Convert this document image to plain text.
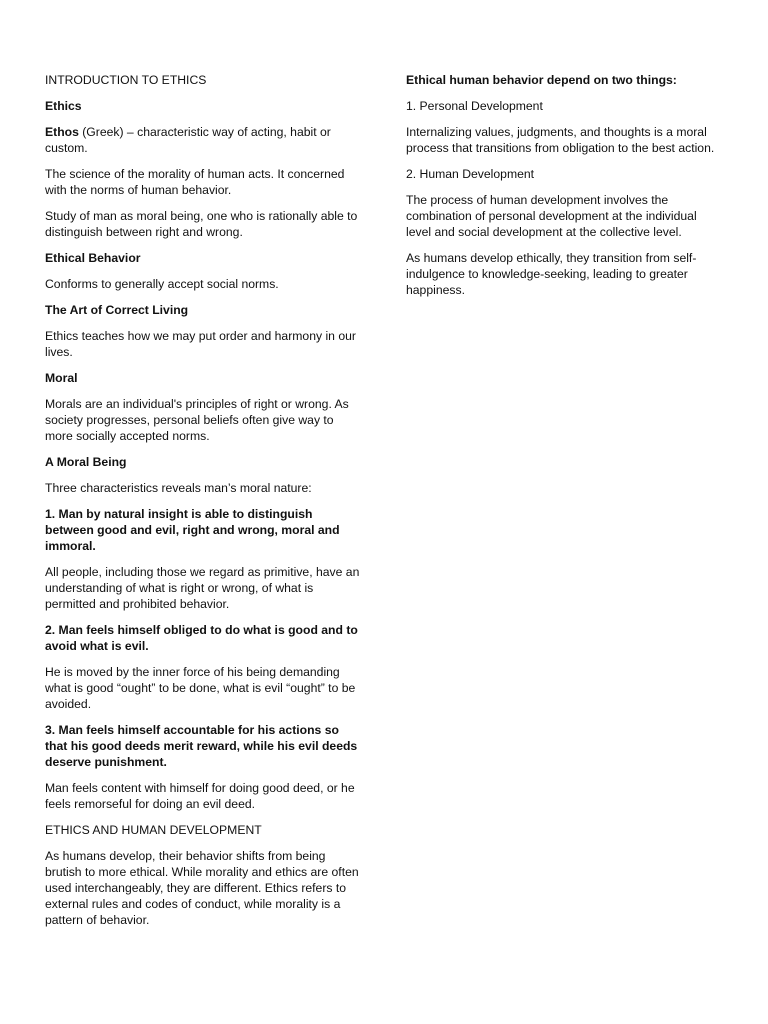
INTRODUCTION TO ETHICS

Ethics

Ethos (Greek) – characteristic way of acting, habit or custom.

The science of the morality of human acts. It concerned with the norms of human behavior.

Study of man as moral being, one who is rationally able to distinguish between right and wrong.

Ethical Behavior

Conforms to generally accept social norms.

The Art of Correct Living

Ethics teaches how we may put order and harmony in our lives.

Moral

Morals are an individual's principles of right or wrong. As society progresses, personal beliefs often give way to more socially accepted norms.

A Moral Being

Three characteristics reveals man’s moral nature:

1. Man by natural insight is able to distinguish between good and evil, right and wrong, moral and immoral.

All people, including those we regard as primitive, have an understanding of what is right or wrong, of what is permitted and prohibited behavior.

2. Man feels himself obliged to do what is good and to avoid what is evil.

He is moved by the inner force of his being demanding what is good “ought” to be done, what is evil “ought” to be avoided.

3. Man feels himself accountable for his actions so that his good deeds merit reward, while his evil deeds deserve punishment.

Man feels content with himself for doing good deed, or he feels remorseful for doing an evil deed.

ETHICS AND HUMAN DEVELOPMENT

As humans develop, their behavior shifts from being brutish to more ethical. While morality and ethics are often used interchangeably, they are different. Ethics refers to external rules and codes of conduct, while morality is a pattern of behavior.

Ethical human behavior depend on two things:

1. Personal Development

Internalizing values, judgments, and thoughts is a moral process that transitions from obligation to the best action.

2. Human Development

The process of human development involves the combination of personal development at the individual level and social development at the collective level.

As humans develop ethically, they transition from self-indulgence to knowledge-seeking, leading to greater happiness.
